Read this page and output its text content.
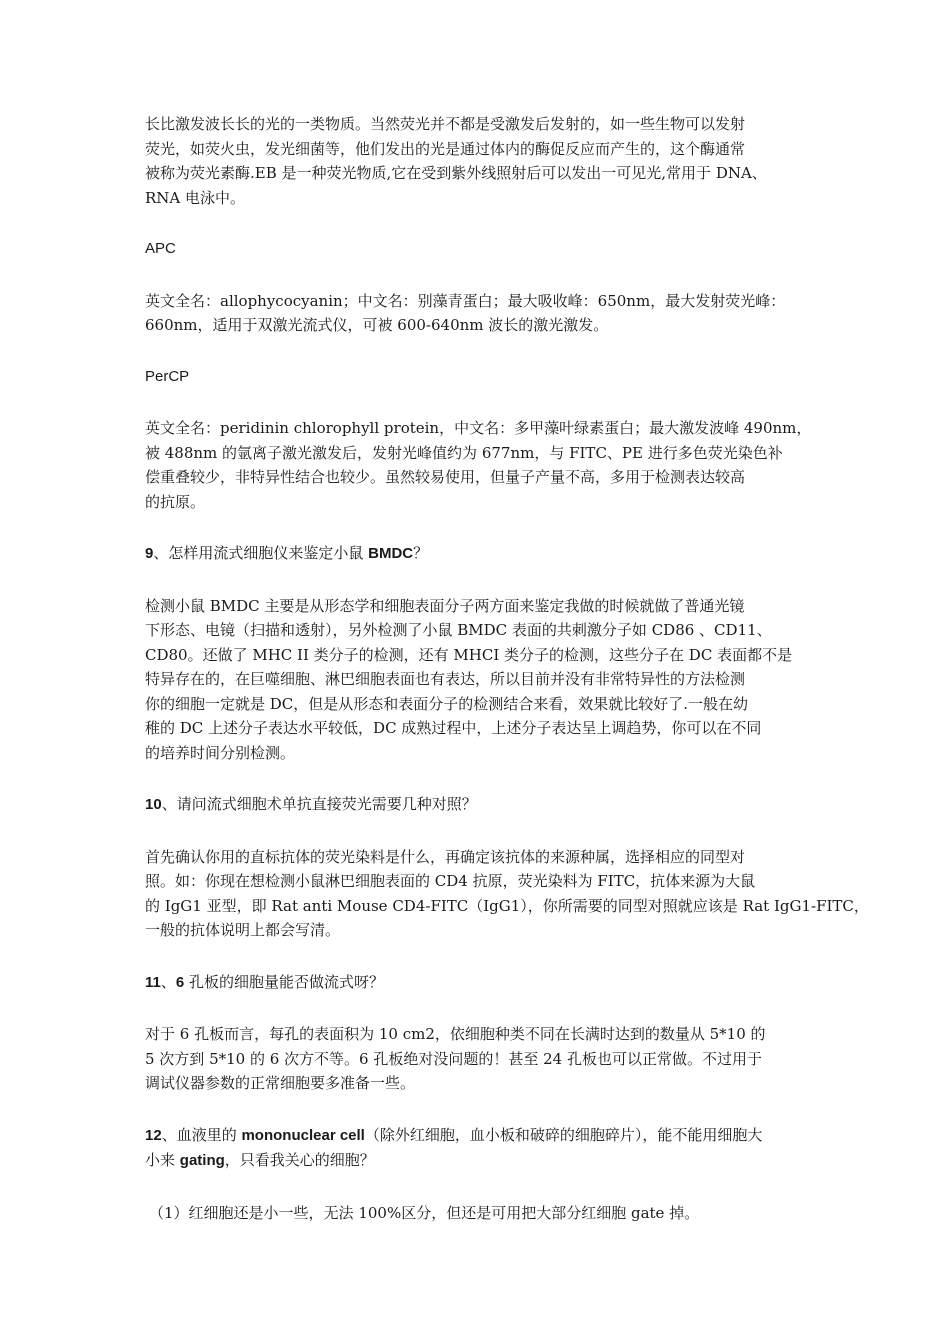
长比激发波长长的光的一类物质。当然荧光并不都是受激发后发射的，如一些生物可以发射
荧光，如荧火虫，发光细菌等，他们发出的光是通过体内的酶促反应而产生的，这个酶通常
被称为荧光素酶.EB 是一种荧光物质,它在受到紫外线照射后可以发出一可见光,常用于 DNA、
RNA 电泳中。
APC
英文全名：allophycocyanin；中文名：别藻青蛋白；最大吸收峰：650nm，最大发射荧光峰：
660nm，适用于双激光流式仪，可被 600-640nm 波长的激光激发。
PerCP
英文全名：peridinin chlorophyll protein，中文名：多甲藻叶绿素蛋白；最大激发波峰 490nm，
被 488nm 的氩离子激光激发后，发射光峰值约为 677nm，与 FITC、PE 进行多色荧光染色补
偿重叠较少，非特异性结合也较少。虽然较易使用，但量子产量不高，多用于检测表达较高
的抗原。
9、怎样用流式细胞仪来鉴定小鼠 BMDC？
检测小鼠 BMDC 主要是从形态学和细胞表面分子两方面来鉴定我做的时候就做了普通光镜
下形态、电镜（扫描和透射），另外检测了小鼠 BMDC 表面的共刺激分子如 CD86 、CD11、
CD80。还做了 MHC II 类分子的检测，还有 MHCI 类分子的检测，这些分子在 DC 表面都不是
特异存在的，在巨噬细胞、淋巴细胞表面也有表达，所以目前并没有非常特异性的方法检测
你的细胞一定就是 DC，但是从形态和表面分子的检测结合来看，效果就比较好了.一般在幼
稚的 DC 上述分子表达水平较低，DC 成熟过程中，上述分子表达呈上调趋势，你可以在不同
的培养时间分别检测。
10、请问流式细胞术单抗直接荧光需要几种对照？
首先确认你用的直标抗体的荧光染料是什么，再确定该抗体的来源种属，选择相应的同型对
照。如：你现在想检测小鼠淋巴细胞表面的 CD4 抗原，荧光染料为 FITC，抗体来源为大鼠
的 IgG1 亚型，即 Rat anti Mouse CD4-FITC（IgG1），你所需要的同型对照就应该是 Rat IgG1-FITC，
一般的抗体说明上都会写清。
11、6 孔板的细胞量能否做流式呀？
对于 6 孔板而言，每孔的表面积为 10 cm2，依细胞种类不同在长满时达到的数量从 5*10 的
5 次方到 5*10 的 6 次方不等。6 孔板绝对没问题的！甚至 24 孔板也可以正常做。不过用于
调试仪器参数的正常细胞要多准备一些。
12、血液里的 mononuclear cell（除外红细胞，血小板和破碎的细胞碎片），能不能用细胞大
小来 gating，只看我关心的细胞？
（1）红细胞还是小一些，无法 100%区分，但还是可用把大部分红细胞 gate 掉。
